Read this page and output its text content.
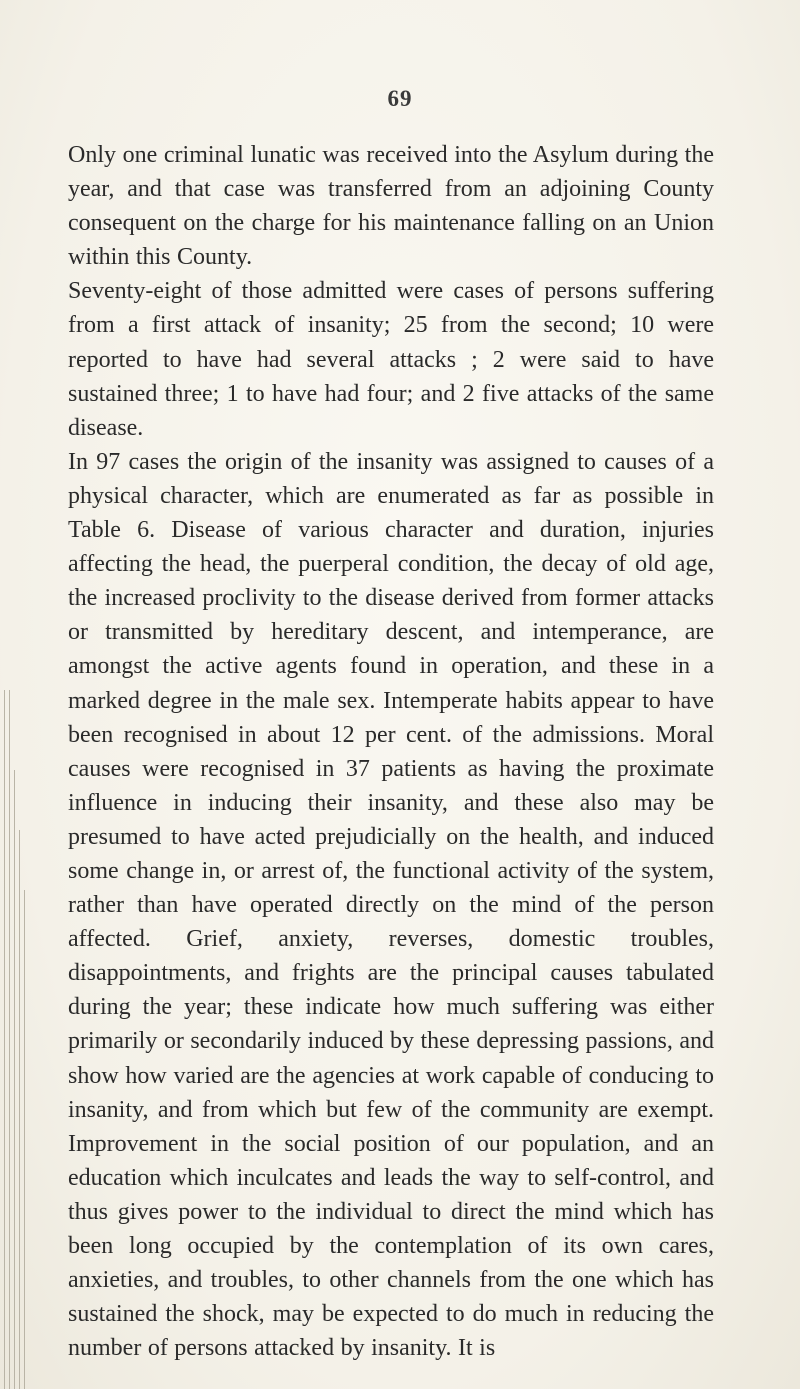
69

Only one criminal lunatic was received into the Asylum during the year, and that case was transferred from an adjoining County consequent on the charge for his maintenance falling on an Union within this County.

Seventy-eight of those admitted were cases of persons suffering from a first attack of insanity; 25 from the second; 10 were reported to have had several attacks ; 2 were said to have sustained three; 1 to have had four; and 2 five attacks of the same disease.

In 97 cases the origin of the insanity was assigned to causes of a physical character, which are enumerated as far as possible in Table 6. Disease of various character and duration, injuries affecting the head, the puerperal condition, the decay of old age, the increased proclivity to the disease derived from former attacks or transmitted by hereditary descent, and intemperance, are amongst the active agents found in operation, and these in a marked degree in the male sex. Intemperate habits appear to have been recognised in about 12 per cent. of the admissions. Moral causes were recognised in 37 patients as having the proximate influence in inducing their insanity, and these also may be presumed to have acted prejudicially on the health, and induced some change in, or arrest of, the functional activity of the system, rather than have operated directly on the mind of the person affected. Grief, anxiety, reverses, domestic troubles, disappointments, and frights are the principal causes tabulated during the year; these indicate how much suffering was either primarily or secondarily induced by these depressing passions, and show how varied are the agencies at work capable of conducing to insanity, and from which but few of the community are exempt. Improvement in the social position of our population, and an education which inculcates and leads the way to self-control, and thus gives power to the individual to direct the mind which has been long occupied by the contemplation of its own cares, anxieties, and troubles, to other channels from the one which has sustained the shock, may be expected to do much in reducing the number of persons attacked by insanity. It is
